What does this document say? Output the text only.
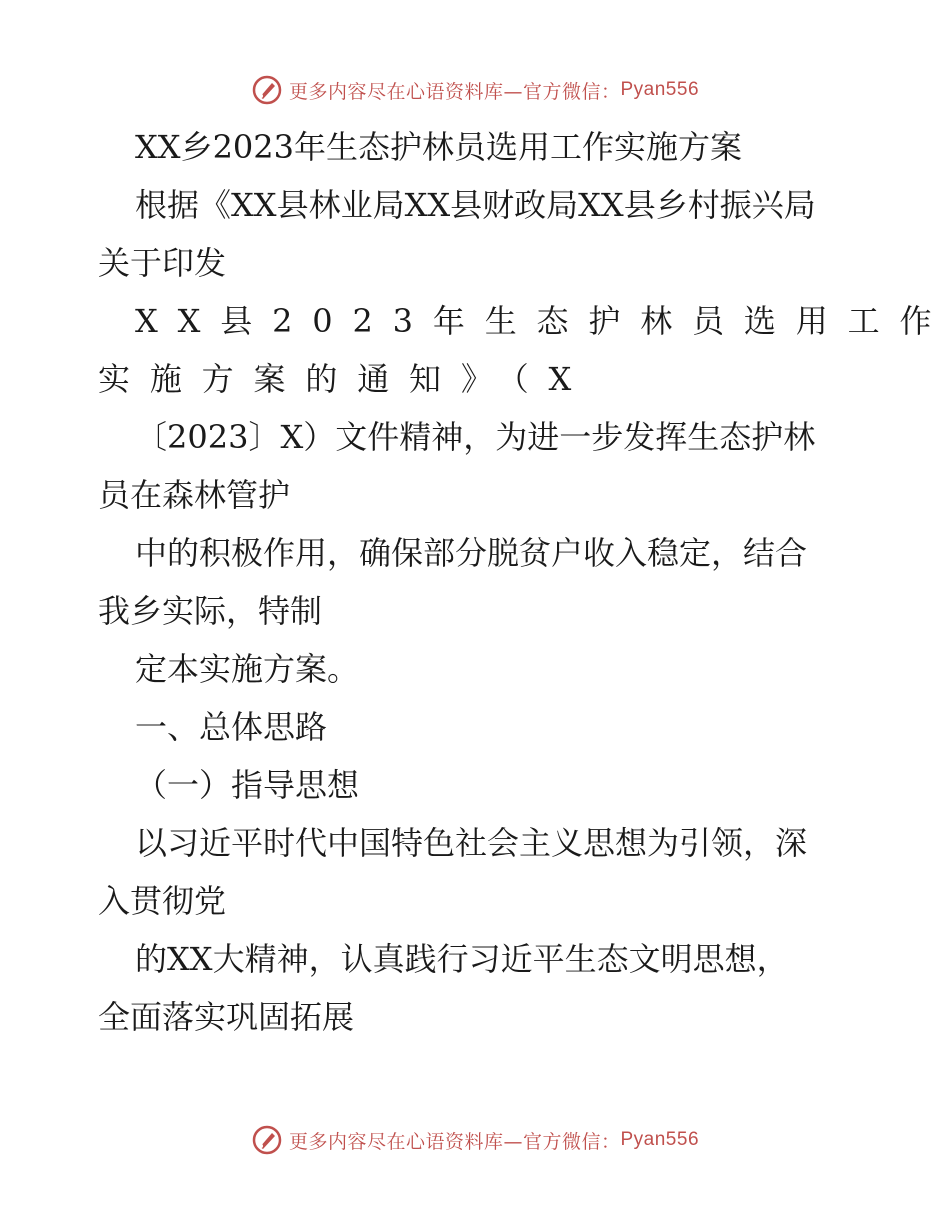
更多内容尽在心语资料库—官方微信： Pyan556
XX乡2023年生态护林员选用工作实施方案
根据《XX县林业局XX县财政局XX县乡村振兴局
关于印发
XX县2023年生态护林员选用工作
实施方案的通知》（X
〔2023〕X）文件精神，为进一步发挥生态护林
员在森林管护
中的积极作用，确保部分脱贫户收入稳定，结合
我乡实际，特制
定本实施方案。
一、总体思路
（一）指导思想
以习近平时代中国特色社会主义思想为引领，深
入贯彻党
的XX大精神，认真践行习近平生态文明思想，
全面落实巩固拓展
更多内容尽在心语资料库—官方微信： Pyan556
